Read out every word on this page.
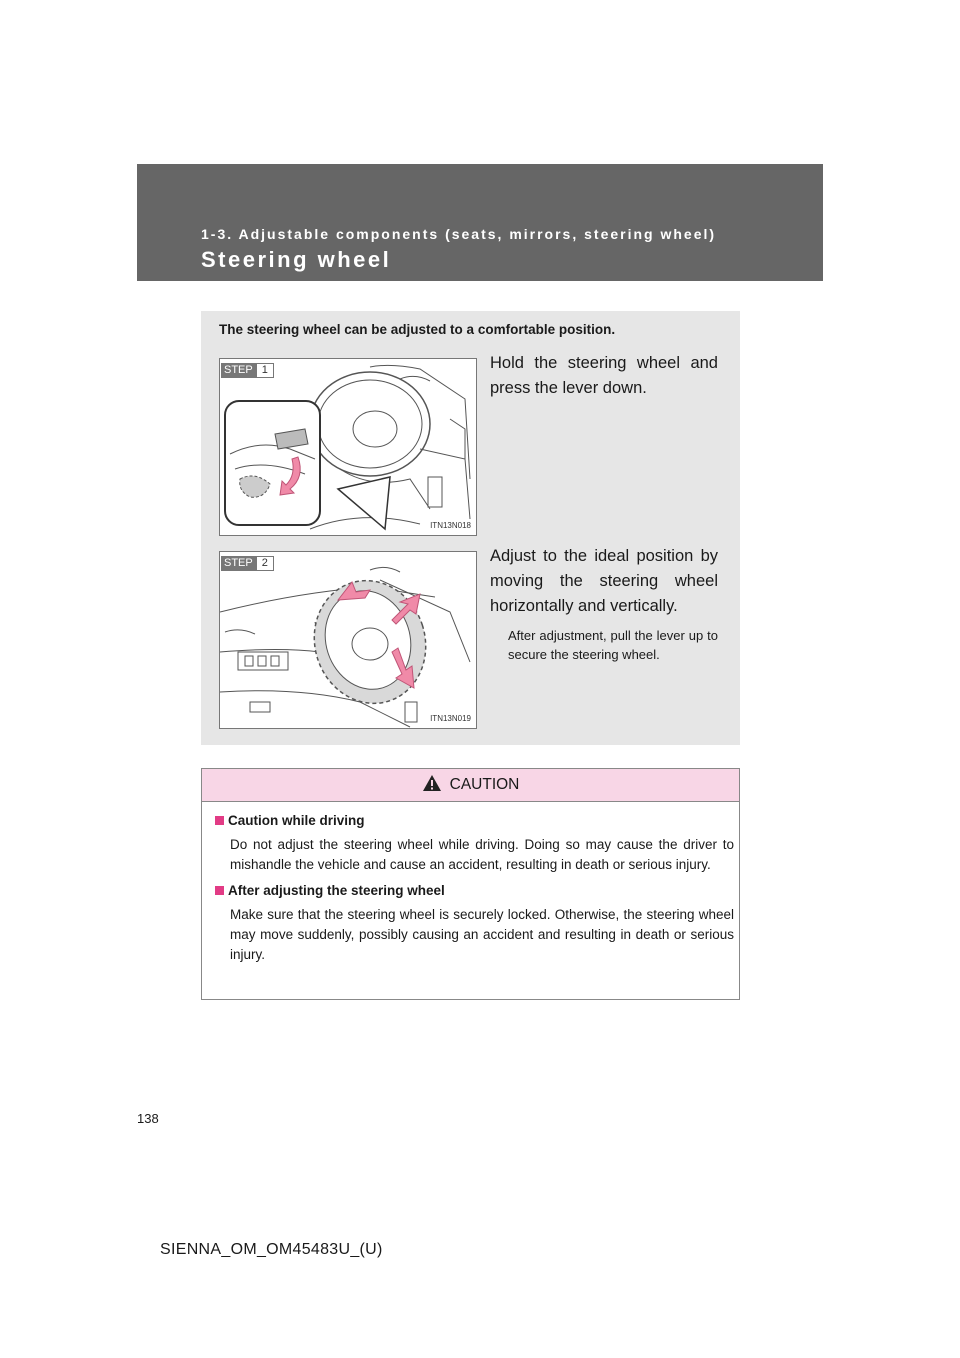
1-3. Adjustable components (seats, mirrors, steering wheel)
Steering wheel
The steering wheel can be adjusted to a comfortable position.
STEP 1
ITN13N018
Hold the steering wheel and press the lever down.
STEP 2
ITN13N019
Adjust to the ideal position by moving the steering wheel horizontally and vertically.
After adjustment, pull the lever up to secure the steering wheel.
CAUTION
Caution while driving
Do not adjust the steering wheel while driving. Doing so may cause the driver to mishandle the vehicle and cause an accident, resulting in death or serious injury.
After adjusting the steering wheel
Make sure that the steering wheel is securely locked. Otherwise, the steering wheel may move suddenly, possibly causing an accident and resulting in death or serious injury.
138
SIENNA_OM_OM45483U_(U)
